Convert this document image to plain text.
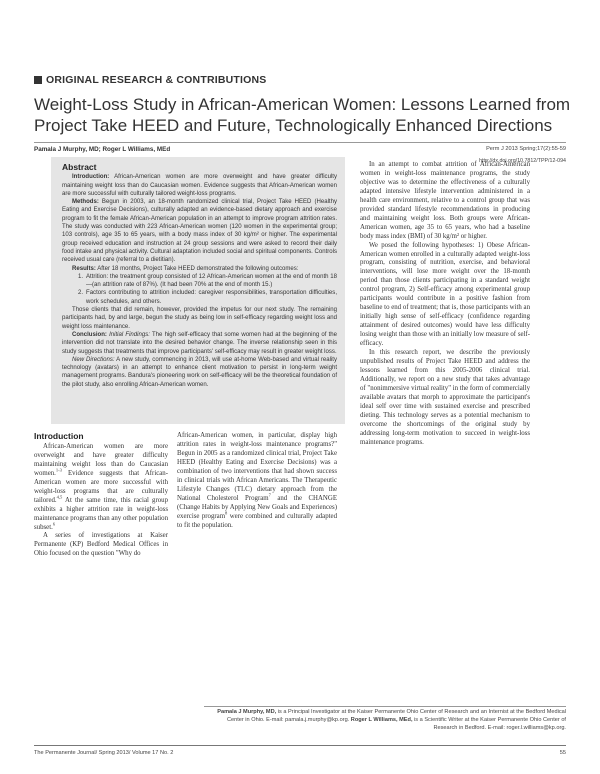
ORIGINAL RESEARCH & CONTRIBUTIONS
Weight-Loss Study in African-American Women: Lessons Learned from Project Take HEED and Future, Technologically Enhanced Directions
Pamala J Murphy, MD; Roger L Williams, MEd	Perm J 2013 Spring;17(2):55-59
http://dx.doi.org/10.7812/TPP/12-094
Abstract

Introduction: African-American women are more overweight and have greater difficulty maintaining weight loss than do Caucasian women. Evidence suggests that African-American women are more successful with culturally tailored weight-loss programs.

Methods: Begun in 2003, an 18-month randomized clinical trial, Project Take HEED (Healthy Eating and Exercise Decisions), culturally adapted an evidence-based dietary approach and exercise program to fit the female African-American population in an attempt to improve program attrition rates. The study was conducted with 223 African-American women (120 women in the experimental group; 103 controls), age 35 to 65 years, with a body mass index of 30 kg/m² or higher. The experimental group received education and instruction at 24 group sessions and were asked to record their daily food intake and physical activity. Cultural adaptation included social and spiritual components. Controls received usual care (referral to a dietitian).

Results: After 18 months, Project Take HEED demonstrated the following outcomes:

1. Attrition: the treatment group consisted of 12 African-American women at the end of month 18—(an attrition rate of 87%). (It had been 70% at the end of month 15.)
2. Factors contributing to attrition included: caregiver responsibilities, transportation difficulties, work schedules, and others.

Those clients that did remain, however, provided the impetus for our next study. The remaining participants had, by and large, begun the study as being low in self-efficacy regarding weight loss and weight loss maintenance.

Conclusion: Initial Findings: The high self-efficacy that some women had at the beginning of the intervention did not translate into the desired behavior change. The inverse relationship seen in this study suggests that treatments that improve participants' self-efficacy may result in greater weight loss.

New Directions: A new study, commencing in 2013, will use at-home Web-based and virtual reality technology (avatars) in an attempt to enhance client motivation to persist in long-term weight management programs. Bandura's pioneering work on self-efficacy will be the theoretical foundation of the pilot study, also enrolling African-American women.

Introduction

African-American women are more overweight and have greater difficulty maintaining weight loss than do Caucasian women.$^{1-3}$ Evidence suggests that African-American women are more successful with weight-loss programs that are culturally tailored.$^{4,5}$ At the same time, this racial group exhibits a higher attrition rate in weight-loss maintenance programs than any other population subset.$^6$

A series of investigations at Kaiser Permanente (KP) Bedford Medical Offices in Ohio focused on the question "Why do

African-American women, in particular, display high attrition rates in weight-loss maintenance programs?" Begun in 2005 as a randomized clinical trial, Project Take HEED (Healthy Eating and Exercise Decisions) was a combination of two interventions that had shown success in clinical trials with African Americans. The Therapeutic Lifestyle Changes (TLC) dietary approach from the National Cholesterol Program$^7$ and the CHANGE (Change Habits by Applying New Goals and Experiences) exercise program$^8$ were combined and culturally adapted to fit the population.

In an attempt to combat attrition of African-American women in weight-loss maintenance programs, the study objective was to determine the effectiveness of a culturally adapted intensive lifestyle intervention administered in a health care environment, relative to a control group that was provided standard lifestyle recommendations in producing and maintaining weight loss. Both groups were African-American women, age 35 to 65 years, who had a baseline body mass index (BMI) of 30 kg/m² or higher.

We posed the following hypotheses: 1) Obese African-American women enrolled in a culturally adapted weight-loss program, consisting of nutrition, exercise, and behavioral interventions, will lose more weight over the 18-month period than those clients participating in a standard weight control program, 2) Self-efficacy among experimental group participants would contribute in a positive fashion from baseline to end of treatment; that is, those participants with an initially high sense of self-efficacy (confidence regarding attainment of desired outcomes) would have less difficulty losing weight than those with an initially low measure of self-efficacy.

In this research report, we describe the previously unpublished results of Project Take HEED and address the lessons learned from this 2005-2006 clinical trial. Additionally, we report on a new study that takes advantage of "nonimmersive virtual reality" in the form of commercially available avatars that morph to approximate the participant's ideal self over time with sustained exercise and prescribed dieting. This technology serves as a potential mechanism to overcome the shortcomings of the original study by addressing long-term motivation to succeed in weight-loss maintenance programs.

Pamala J Murphy, MD, is a Principal Investigator at the Kaiser Permanente Ohio Center of Research and an Internist at the Bedford Medical Center in Ohio. E-mail: pamala.j.murphy@kp.org. Roger L Williams, MEd, is a Scientific Writer at the Kaiser Permanente Ohio Center of Research in Bedford. E-mail: roger.l.williams@kp.org.
The Permanente Journal/ Spring 2013/ Volume 17 No. 2	55
